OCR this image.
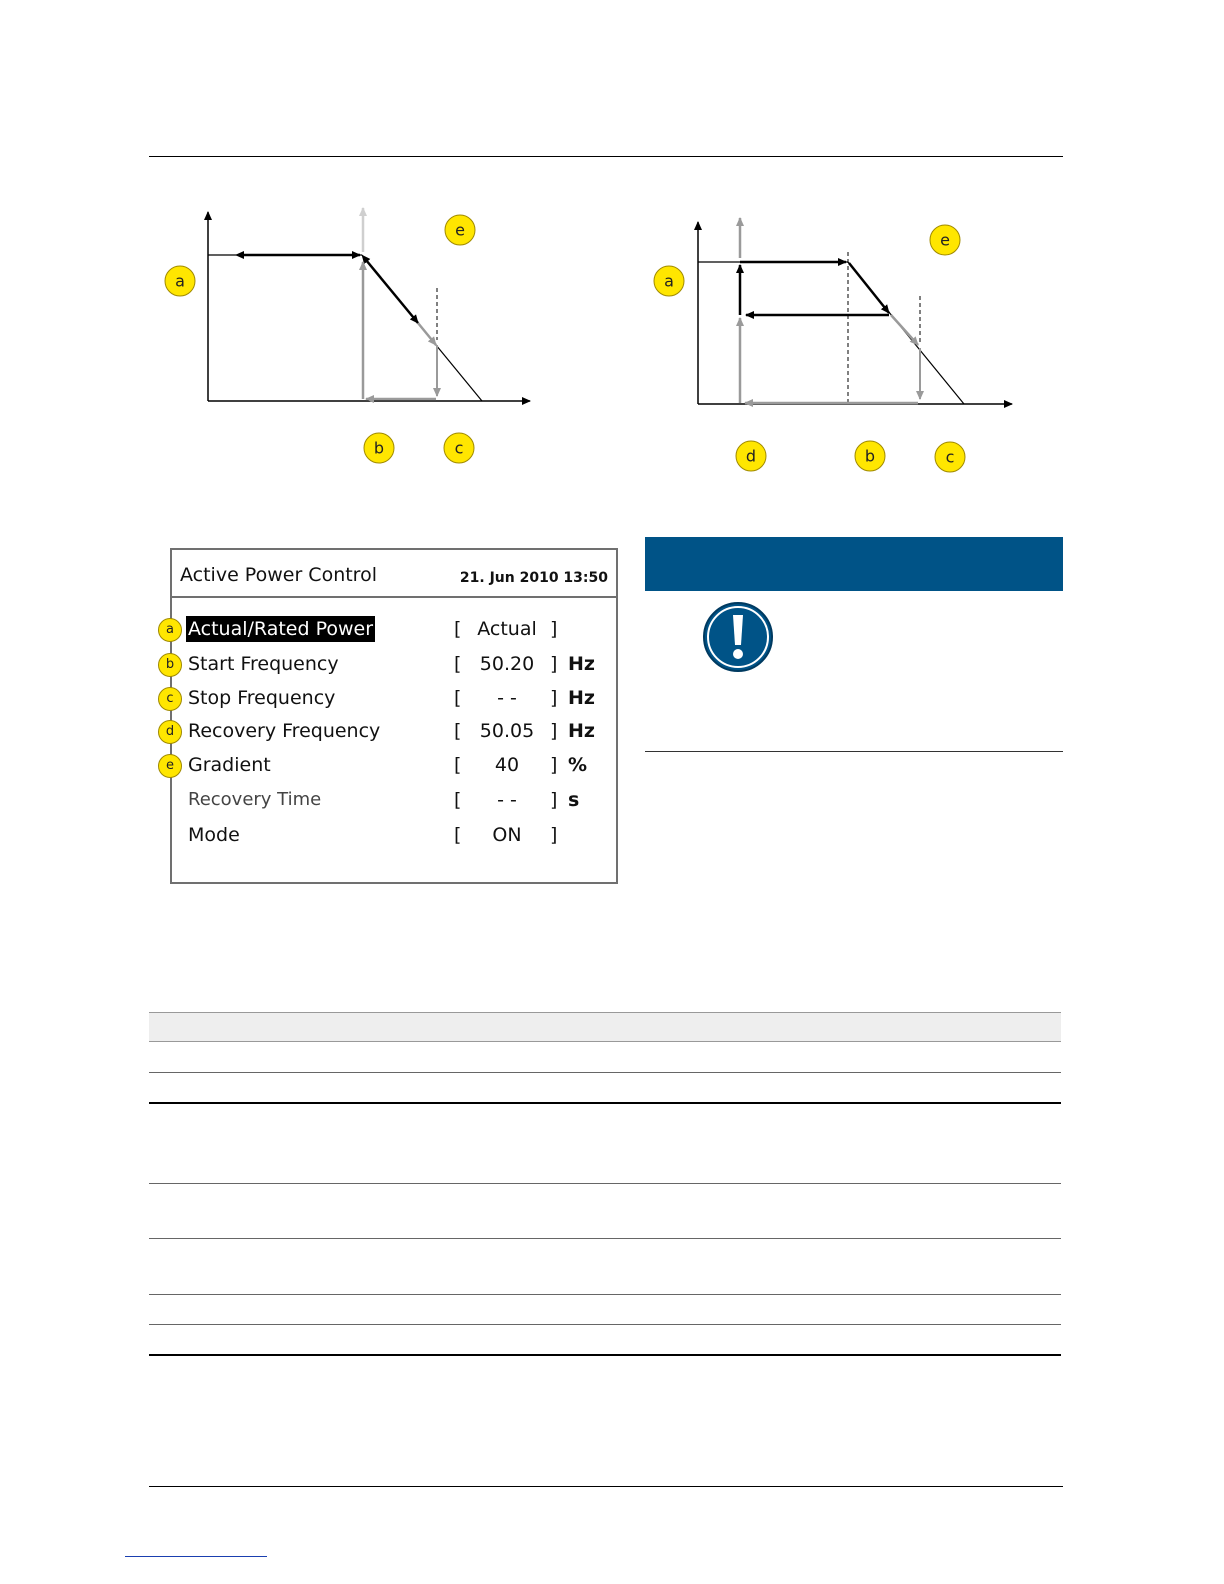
a
b	c
e
a
d	b	c
e
Active Power Control	21. Jun 2010 13:50
a Actual/Rated Power	[ Actual ]
b Start Frequency	[ 50.20 ] Hz
c Stop Frequency	[	- -	] Hz
d Recovery Frequency	[ 50.05 ] Hz
e Gradient	[	40	] %
Recovery Time	[	- -	] s
Mode	[	ON	]
